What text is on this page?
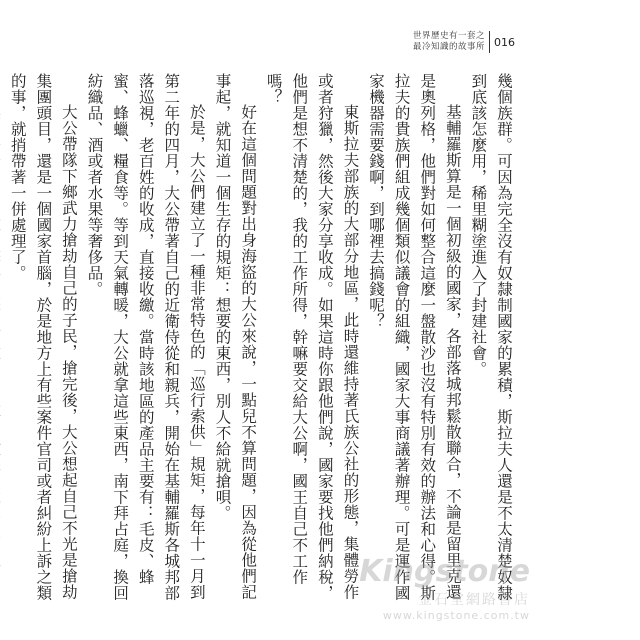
世界歷史有一套之
最冷知識的故事所 016

幾個族群。可因為完全沒有奴隸制國家的累積，斯拉夫人還是不太清楚奴隸到底該怎麼用，稀里糊塗進入了封建社會。

基輔羅斯算是一個初級的國家，各部落城邦鬆散聯合，不論是留里克還是奧列格，他們對如何整合這麼一盤散沙也沒有特別有效的辦法和心得。斯拉夫的貴族們組成幾個類似議會的組織，國家大事商議著辦理。可是運作國家機器需要錢啊，到哪裡去搞錢呢？

東斯拉夫部族的大部分地區，此時還維持著氏族公社的形態，集體勞作或者狩獵，然後大家分享收成。如果這時你跟他們說，國家要找他們納稅，他們是想不清楚的，我的工作所得，幹嘛要交給大公啊，國王自己不工作嗎？

好在這個問題對出身海盜的大公來說，一點兒不算問題，因為從他們記事起，就知道一個生存的規矩：想要的東西，別人不給就搶唄。

於是，大公們建立了一種非常特色的「巡行索供」規矩，每年十一月到第二年的四月，大公帶著自己的近衛侍從和親兵，開始在基輔羅斯各城邦部落巡視，老百姓的收成，直接收繳。當時該地區的產品主要有：毛皮、蜂蜜、蜂蠟、糧食等。等到天氣轉暖，大公就拿這些東西，南下拜占庭，換回紡織品、酒或者水果等奢侈品。

大公帶隊下鄉武力搶劫自己的子民，搶完後，大公想起自己不光是搶劫集團頭目，還是一個國家首腦，於是地方上有些案件官司或者糾紛上訴之類的事，就捎帶著一併處理了。

Kingstone
金石堂網路書店
www.kingstone.com.tw
